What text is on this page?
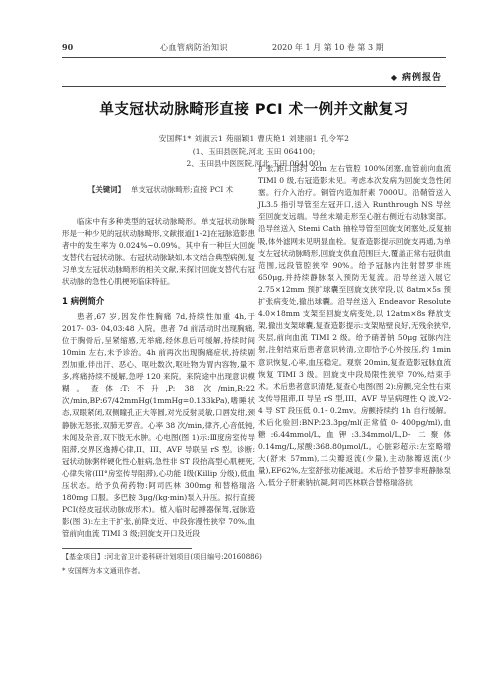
90	心血管病防治知识	2020 年 1 月 第 10 卷 第 3 期
◆ 病例报告
单支冠状动脉畸形直接 PCI 术一例并文献复习
安国辉1* 刘淑云1 苑丽颖1 曹庆艳1 刘建丽1 孔令军2
(1、玉田县医院,河北 玉田 064100;
2、玉田县中医医院,河北 玉田 064100)
【关键词】 单支冠状动脉畸形;直接 PCI 术

临床中有多种类型的冠状动脉畸形。单支冠状动脉畸形是一种少见的冠状动脉畸形,文献报道[1-2]在冠脉造影患者中的发生率为 0.024%~0.09%。其中有一种巨大回旋支替代右冠状动脉。右冠状动脉缺如,本文结合典型病例,复习单支左冠状动脉畸形的相关文献,来探讨回旋支替代右冠状动脉的急性心肌梗死临床特征。

1 病例简介

患者,67 岁,因发作性胸痛 7d,持续性加重 4h,于 2017- 03- 04,03:48 入院。患者 7d 前活动时出现胸痛,位于胸骨后,呈紧缩感,无举痛,经休息后可缓解,持续时间 10min 左右,未予诊治。4h 前再次出现胸痛症状,持续剧烈加重,伴出汗、恶心、呕吐数次,呕吐物为胃内容物,量不多,疼痛持续不缓解,急呼 120 来院。来院途中出现意识模糊。查体:T:不升,P: 38 次/min,R:22 次/min,BP:67/42mmHg(1mmHg=0.133kPa),嗜睡状态,双眼紧闭,双侧瞳孔正大等圆,对光反射灵敏,口唇发绀,颈静脉无怒张,双肺无罗音。心率 38 次/min,律齐,心音低钝,未闻及杂音,双下肢无水肿。心电图(图 1)示:Ⅲ度房室传导阻滞,交界区逸搏心律,II、III、AVF 导联呈 rS 型。诊断:冠状动脉粥样硬化性心脏病,急性非 ST 段抬高型心肌梗死,心律失常(III°房室传导阻滞),心功能 I级(Killip 分级),低血压状态。给予负荷药物:阿司匹林 300mg 和替格瑞洛 180mg 口服。多巴胺 3μg/(kg·min)泵入升压。拟行直接 PCI(经皮冠状动脉成形术)。植入临时起搏器保驾,冠脉造影(图 3):左主干扩张,前降支近、中段弥漫性狭窄 70%,血管前向血流 TIMI 3 级;回旋支开口及近段

扩张,距口部约 2cm 左右管腔 100%闭塞,血管前向血流 TIMI 0 级,右冠造影未见。考虑本次发病为回旋支急性闭塞。行介入治疗。铜管内造加肝素 7000U。沿鞘管送入 JL3.5 指引导管至左冠开口,送入 Runthrough NS 导丝至回旋支远端。导丝未端走形至心脏右侧近右动脉窦部。沿导丝送入 Stemi Cath 抽栓导管至回旋支闭塞处,反复抽吸,体外滤网未见明显血栓。复查造影提示回旋支再通,为单支左冠状动脉畸形,回旋支供血范围巨大,覆盖正常右冠供血范围,远段管腔狭窄 90%。给予冠脉内注射替罗非班 650μg,并持续静脉泵入预防无复流。沿导丝送入展它 2.75×12mm 预扩球囊至回旋支狭窄段,以 8atm×5s 预扩张病变处,撤出球囊。沿导丝送入 Endeavor Resolute 4.0×18mm 支架至回旋支病变处,以 12atm×8s 释放支架,撤出支架球囊,复查造影提示:支架贴壁良好,无残余狭窄,夹层,前向血流 TIMI 2 级。给予硝普钠 50μg 冠脉内注射,注射结束后患者意识转清,立即恰予心外按压,约 1min 意识恢复,心率,血压稳定。观察 20min,复查造影冠脉血流恢复 TIMI 3 级。回旋支中段局限性狭窄 70%,结束手术。术后患者意识清楚,复查心电图(图 2):房颤,完全性右束支传导阻滞,II 导呈 rS 型,III、AVF 导呈病理性 Q 波,V2- 4 导 ST 段压低 0.1- 0.2mv。房颤持续约 1h 自行缓解。术后化验回:BNP:23.3pg/ml(正常值 0- 400pg/ml),血糖:6.44mmol/L,血钾:3.34mmol/L,D- 二聚体 0.14mg/L,尿酸:368.80μmol/L。心脏彩超示:左室略增大(舒末 57mm),二尖瓣返流(少量),主动脉瓣返流(少量),EF62%,左室舒张功能减退。术后给予替罗非班静脉泵入,低分子肝素钠抗凝,阿司匹林联合替格瑞洛抗

【基金项目】:河北省卫计委科研计划项目(项目编号:20160886)
* 安国辉为本文通讯作者。
